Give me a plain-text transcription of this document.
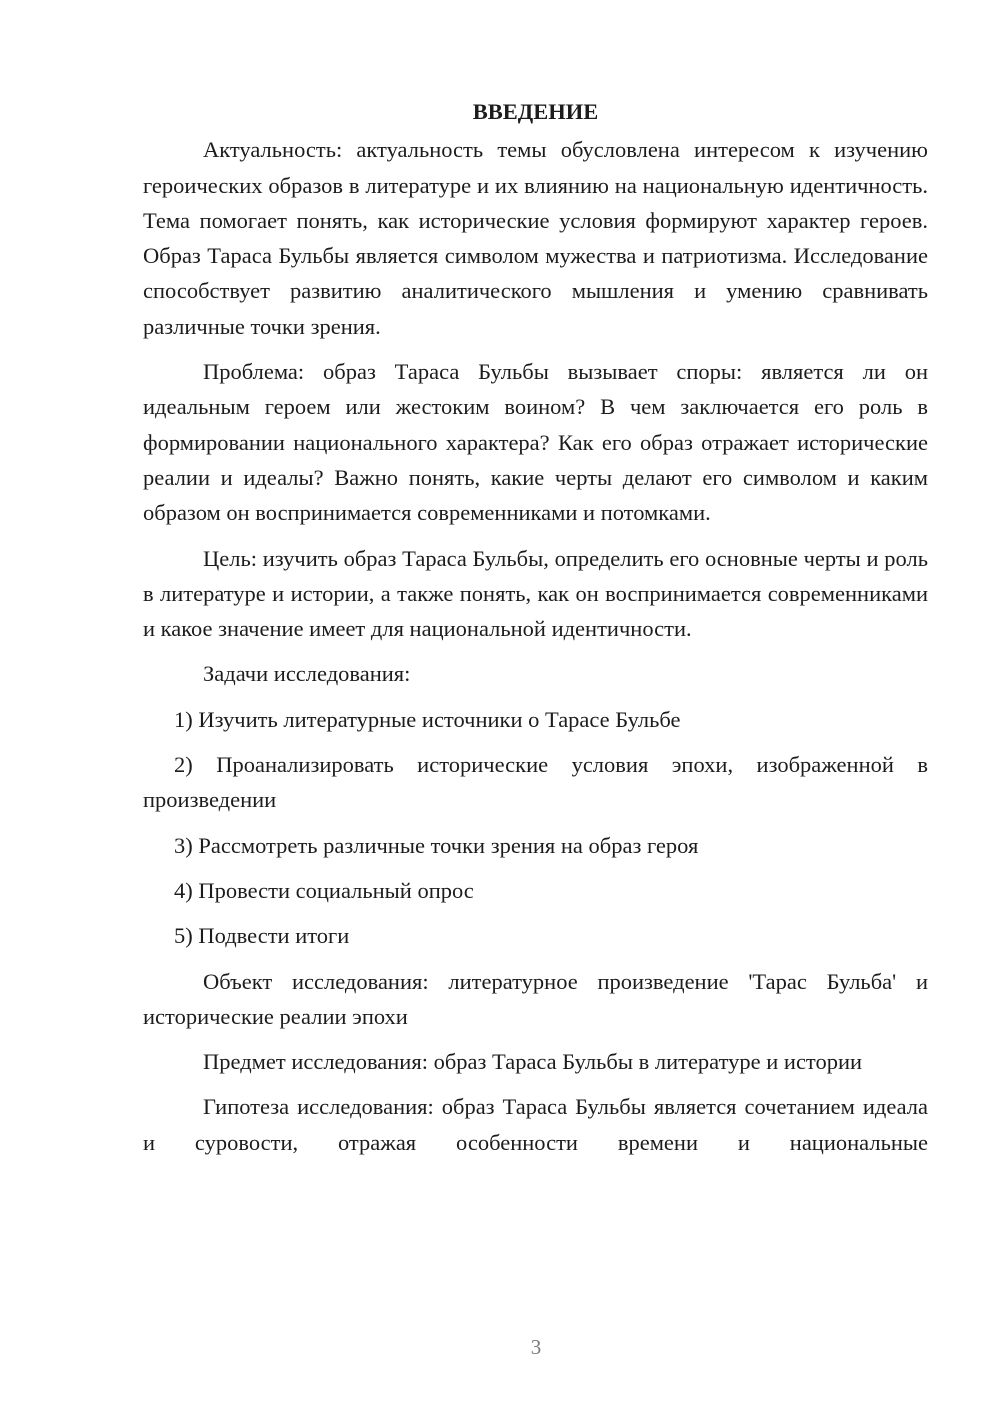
ВВЕДЕНИЕ

Актуальность: актуальность темы обусловлена интересом к изучению героических образов в литературе и их влиянию на национальную идентичность. Тема помогает понять, как исторические условия формируют характер героев. Образ Тараса Бульбы является символом мужества и патриотизма. Исследование способствует развитию аналитического мышления и умению сравнивать различные точки зрения.

Проблема: образ Тараса Бульбы вызывает споры: является ли он идеальным героем или жестоким воином? В чем заключается его роль в формировании национального характера? Как его образ отражает исторические реалии и идеалы? Важно понять, какие черты делают его символом и каким образом он воспринимается современниками и потомками.

Цель: изучить образ Тараса Бульбы, определить его основные черты и роль в литературе и истории, а также понять, как он воспринимается современниками и какое значение имеет для национальной идентичности.

Задачи исследования:

1) Изучить литературные источники о Тарасе Бульбе

2) Проанализировать исторические условия эпохи, изображенной в произведении

3) Рассмотреть различные точки зрения на образ героя

4) Провести социальный опрос

5) Подвести итоги

Объект исследования: литературное произведение 'Тарас Бульба' и исторические реалии эпохи

Предмет исследования: образ Тараса Бульбы в литературе и истории

Гипотеза исследования: образ Тараса Бульбы является сочетанием идеала и суровости, отражая особенности времени и национальные

3
